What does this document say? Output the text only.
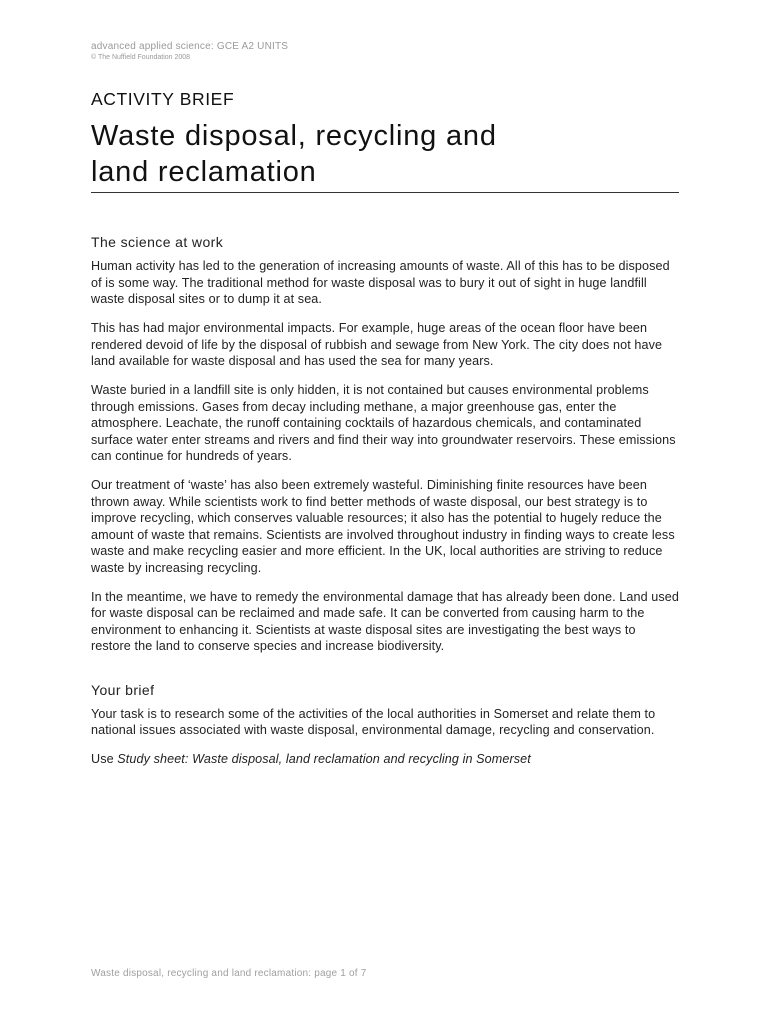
advanced applied science: GCE A2 UNITS
© The Nuffield Foundation 2008
ACTIVITY BRIEF
Waste disposal, recycling and
land reclamation
The science at work

Human activity has led to the generation of increasing amounts of waste. All of this has to be disposed of is some way. The traditional method for waste disposal was to bury it out of sight in huge landfill waste disposal sites or to dump it at sea.

This has had major environmental impacts. For example, huge areas of the ocean floor have been rendered devoid of life by the disposal of rubbish and sewage from New York. The city does not have land available for waste disposal and has used the sea for many years.

Waste buried in a landfill site is only hidden, it is not contained but causes environmental problems through emissions. Gases from decay including methane, a major greenhouse gas, enter the atmosphere. Leachate, the runoff containing cocktails of hazardous chemicals, and contaminated surface water enter streams and rivers and find their way into groundwater reservoirs. These emissions can continue for hundreds of years.

Our treatment of ‘waste’ has also been extremely wasteful. Diminishing finite resources have been thrown away. While scientists work to find better methods of waste disposal, our best strategy is to improve recycling, which conserves valuable resources; it also has the potential to hugely reduce the amount of waste that remains. Scientists are involved throughout industry in finding ways to create less waste and make recycling easier and more efficient. In the UK, local authorities are striving to reduce waste by increasing recycling.

In the meantime, we have to remedy the environmental damage that has already been done. Land used for waste disposal can be reclaimed and made safe. It can be converted from causing harm to the environment to enhancing it. Scientists at waste disposal sites are investigating the best ways to restore the land to conserve species and increase biodiversity.

Your brief

Your task is to research some of the activities of the local authorities in Somerset and relate them to national issues associated with waste disposal, environmental damage, recycling and conservation.

Use Study sheet: Waste disposal, land reclamation and recycling in Somerset

Waste disposal, recycling and land reclamation: page 1 of 7
